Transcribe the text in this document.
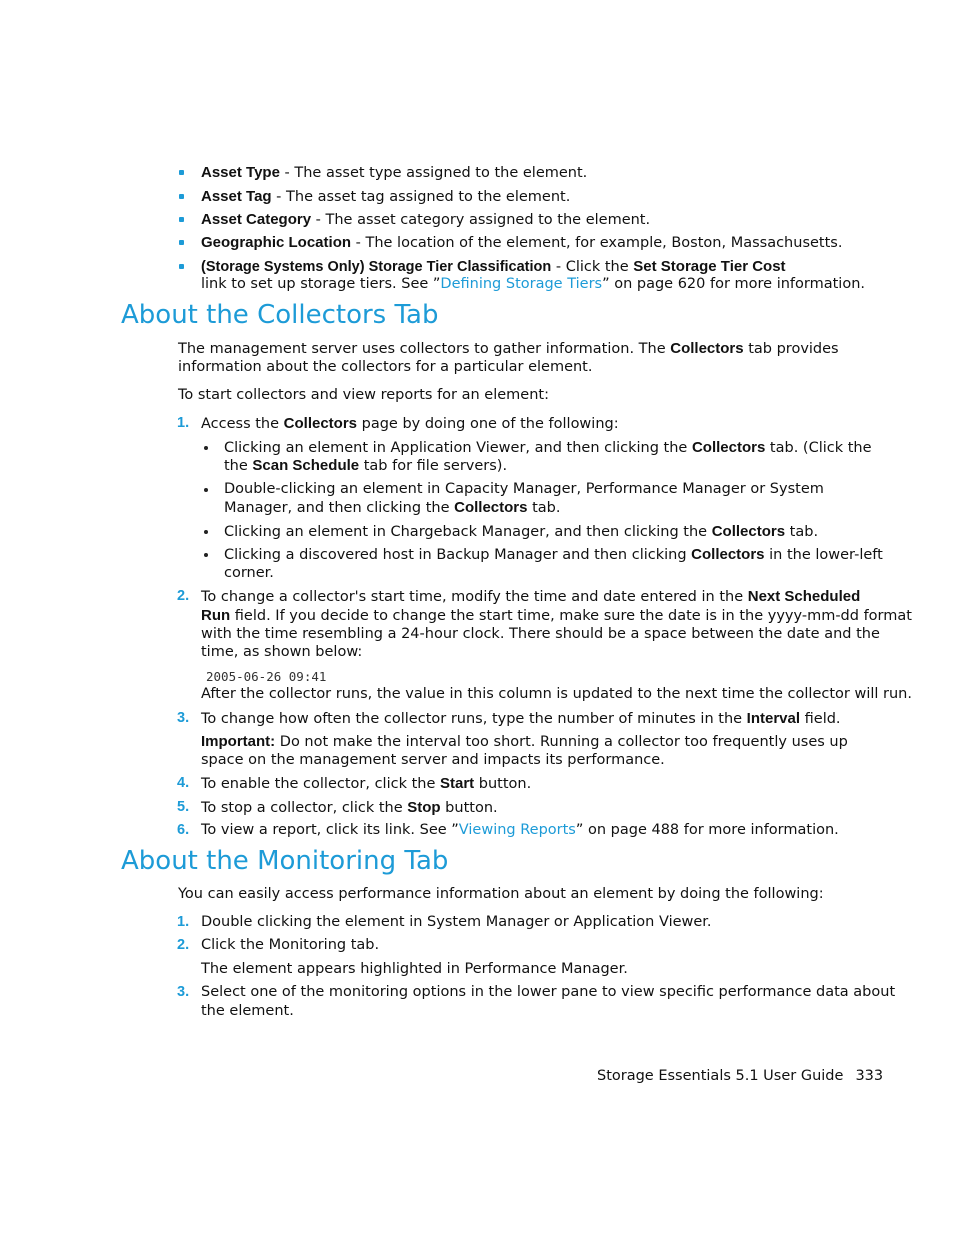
Asset Type - The asset type assigned to the element.
Asset Tag - The asset tag assigned to the element.
Asset Category - The asset category assigned to the element.
Geographic Location - The location of the element, for example, Boston, Massachusetts.
(Storage Systems Only) Storage Tier Classification - Click the Set Storage Tier Cost
link to set up storage tiers. See ”Defining Storage Tiers” on page 620 for more information.
About the Collectors Tab
The management server uses collectors to gather information. The Collectors tab provides
information about the collectors for a particular element.
To start collectors and view reports for an element:
1. Access the Collectors page by doing one of the following:
Clicking an element in Application Viewer, and then clicking the Collectors tab. (Click the
the Scan Schedule tab for file servers).
Double-clicking an element in Capacity Manager, Performance Manager or System
Manager, and then clicking the Collectors tab.
Clicking an element in Chargeback Manager, and then clicking the Collectors tab.
Clicking a discovered host in Backup Manager and then clicking Collectors in the lower-left
corner.
2. To change a collector's start time, modify the time and date entered in the Next Scheduled
Run field. If you decide to change the start time, make sure the date is in the yyyy-mm-dd format
with the time resembling a 24-hour clock. There should be a space between the date and the
time, as shown below:
2005-06-26 09:41
After the collector runs, the value in this column is updated to the next time the collector will run.
3. To change how often the collector runs, type the number of minutes in the Interval field.
Important: Do not make the interval too short. Running a collector too frequently uses up
space on the management server and impacts its performance.
4. To enable the collector, click the Start button.
5. To stop a collector, click the Stop button.
6. To view a report, click its link. See ”Viewing Reports” on page 488 for more information.
About the Monitoring Tab
You can easily access performance information about an element by doing the following:
1. Double clicking the element in System Manager or Application Viewer.
2. Click the Monitoring tab.
The element appears highlighted in Performance Manager.
3. Select one of the monitoring options in the lower pane to view specific performance data about
the element.
Storage Essentials 5.1 User Guide 333
